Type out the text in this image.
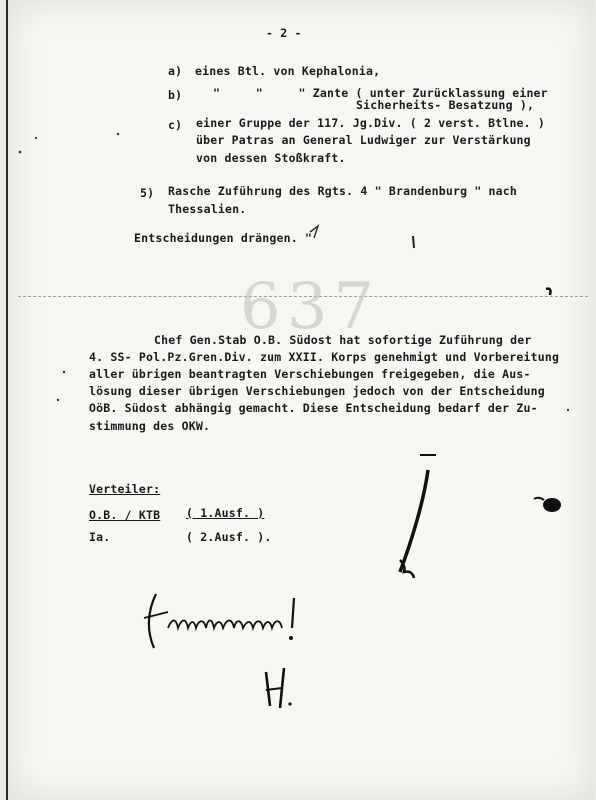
- 2 -
a) eines Btl. von Kephalonia,
b)	"     "     " Zante ( unter Zurücklassung einer
Sicherheits- Besatzung ),
c) einer Gruppe der 117. Jg.Div. ( 2 verst. Btlne. )
über Patras an General Ludwiger zur Verstärkung
von dessen Stoßkraft.
5) Rasche Zuführung des Rgts. 4 " Brandenburg " nach
Thessalien.
Entscheidungen drängen. "
637
Chef Gen.Stab O.B. Südost hat sofortige Zuführung der
4. SS- Pol.Pz.Gren.Div. zum XXII. Korps genehmigt und Vorbereitung
aller übrigen beantragten Verschiebungen freigegeben, die Aus-
lösung dieser übrigen Verschiebungen jedoch von der Entscheidung
OöB. Südost abhängig gemacht. Diese Entscheidung bedarf der Zu-
stimmung des OKW.
Verteiler:
O.B. / KTB ( 1.Ausf. )
Ia.	( 2.Ausf. ).
